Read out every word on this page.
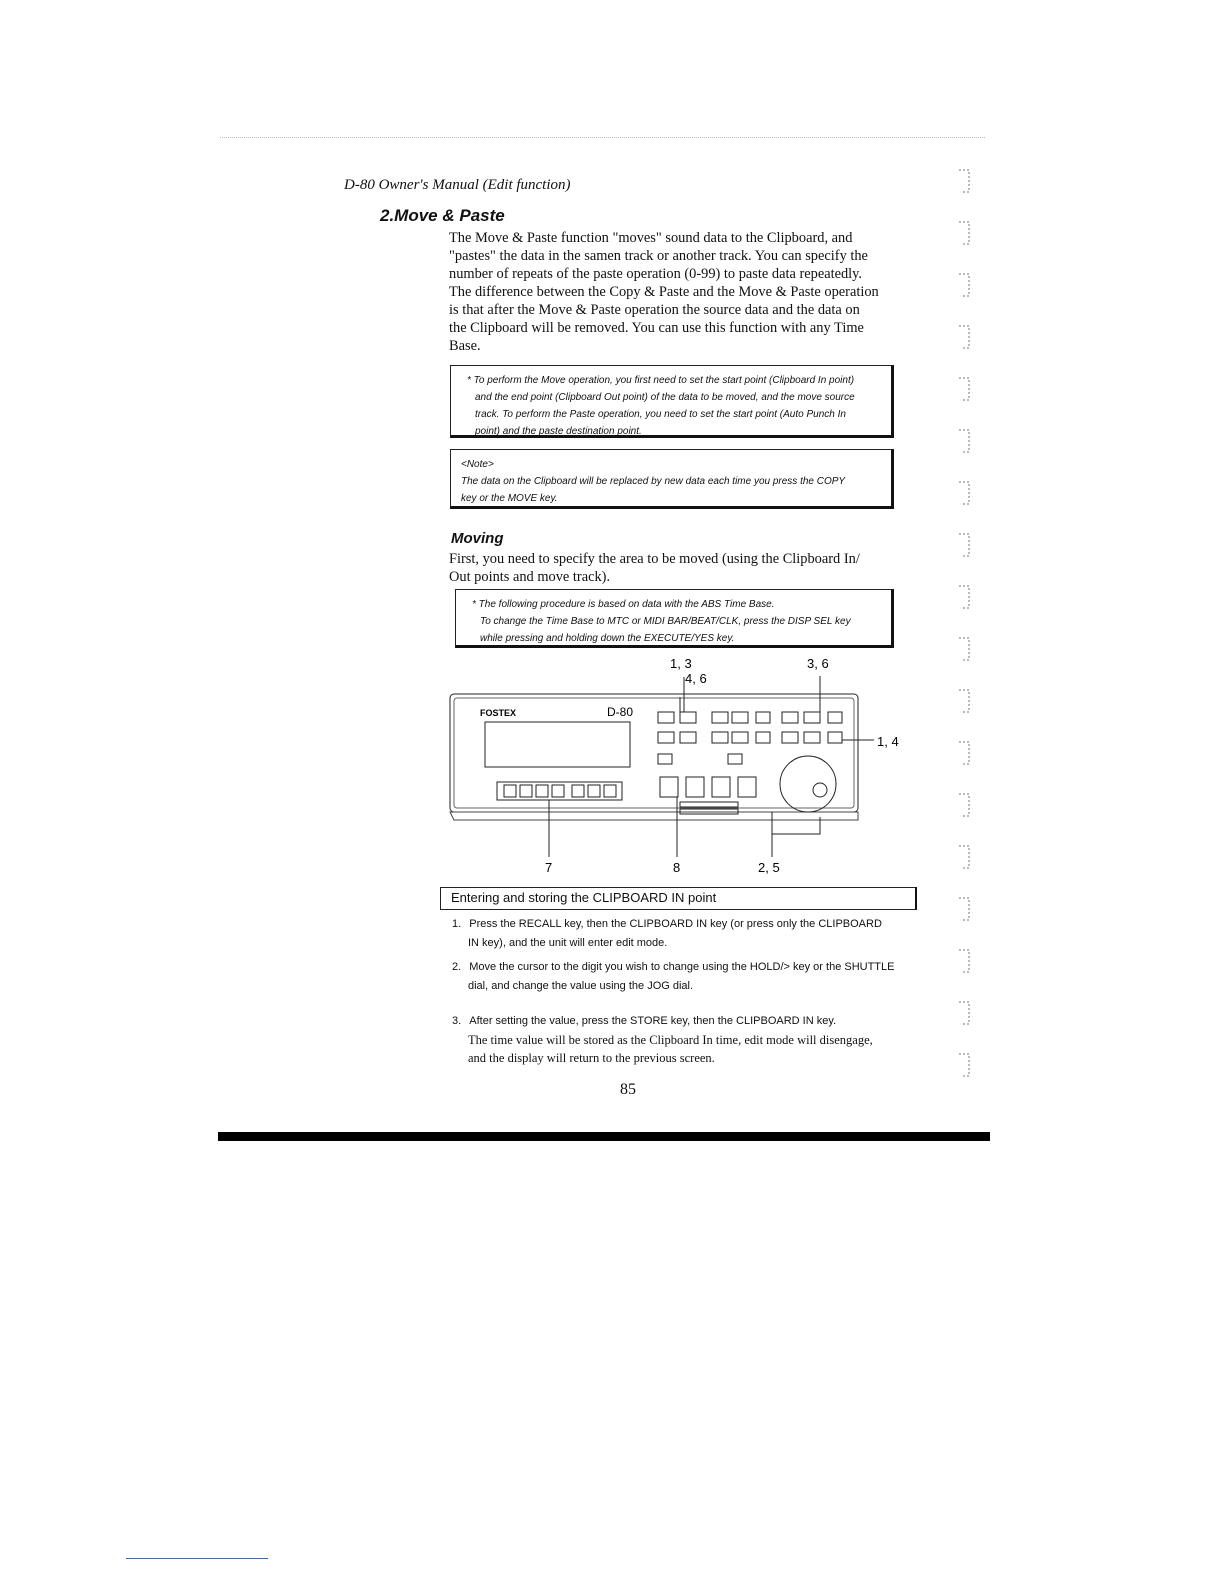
D-80 Owner's Manual (Edit function)
2.Move & Paste
The Move & Paste function "moves" sound data to the Clipboard, and
"pastes" the data in the samen track or another track. You can specify the
number of repeats of the paste operation (0-99) to paste data repeatedly.
The difference between the Copy & Paste and the Move & Paste operation
is that after the Move & Paste operation the source data and the data on
the Clipboard will be removed. You can use this function with any Time
Base.
* To perform the Move operation, you first need to set the start point (Clipboard In point)
and the end point (Clipboard Out point) of the data to be moved, and the move source
track. To perform the Paste operation, you need to set the start point (Auto Punch In
point) and the paste destination point.
<Note>
The data on the Clipboard will be replaced by new data each time you press the COPY
key or the MOVE key.
Moving
First, you need to specify the area to be moved (using the Clipboard In/
Out points and move track).
* The following procedure is based on data with the ABS Time Base.
To change the Time Base to MTC or MIDI BAR/BEAT/CLK, press the DISP SEL key
while pressing and holding down the EXECUTE/YES key.
FOSTEX	D-80
1, 3
4, 6
3, 6
1, 4
7	8	2, 5
Entering and storing the CLIPBOARD IN point
1. Press the RECALL key, then the CLIPBOARD IN key (or press only the CLIPBOARD
IN key), and the unit will enter edit mode.
2. Move the cursor to the digit you wish to change using the HOLD/> key or the SHUTTLE
dial, and change the value using the JOG dial.
3. After setting the value, press the STORE key, then the CLIPBOARD IN key.
The time value will be stored as the Clipboard In time, edit mode will disengage,
and the display will return to the previous screen.
85
